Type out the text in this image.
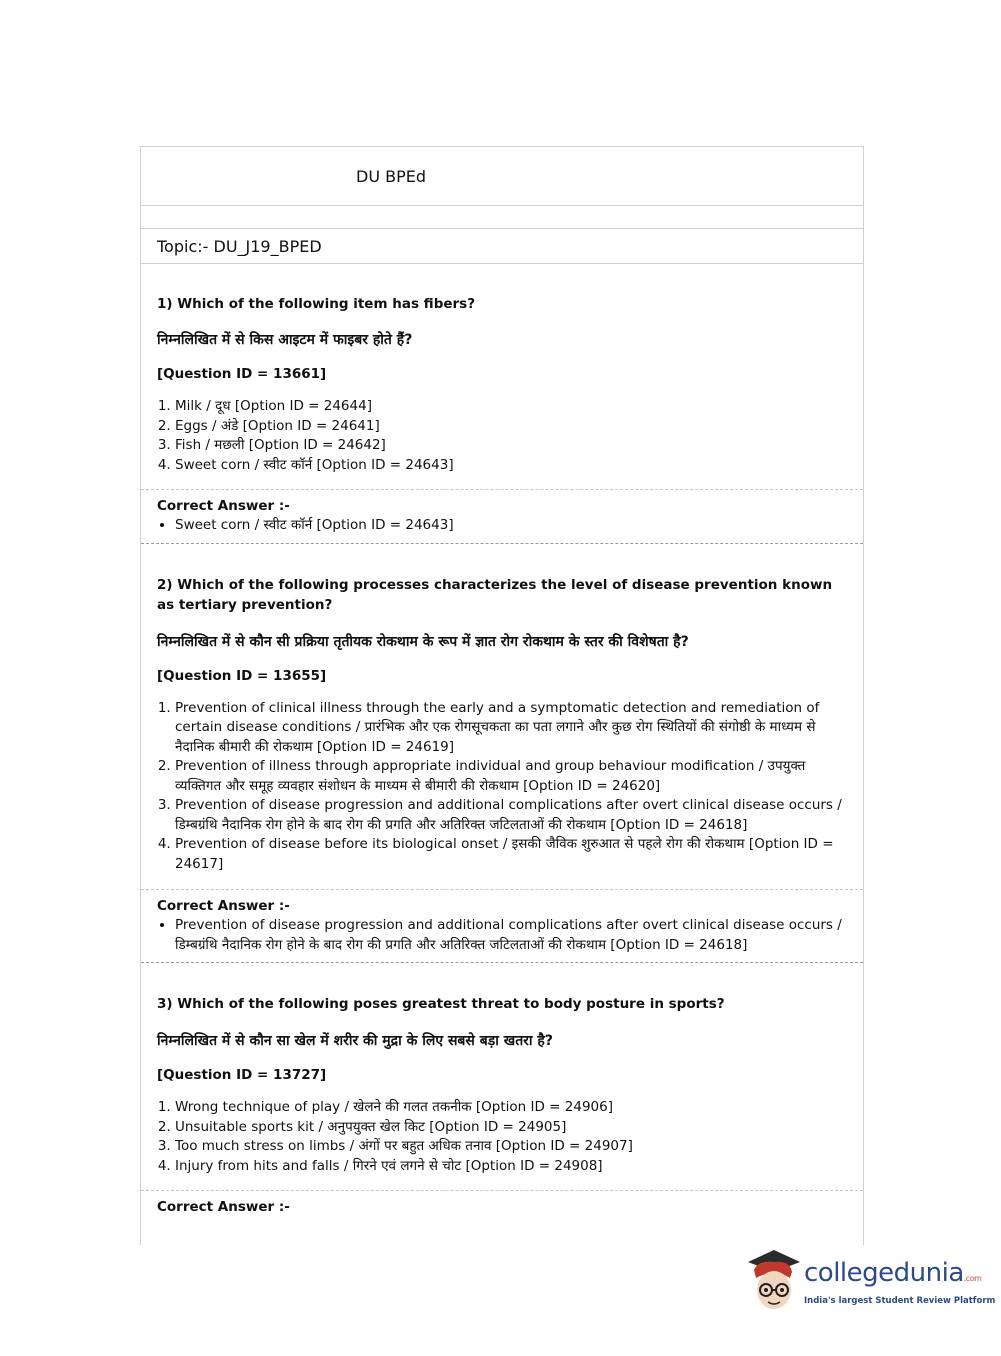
DU BPEd
Topic:- DU_J19_BPED

1) Which of the following item has fibers?

निम्नलिखित में से किस आइटम में फाइबर होते हैं?

[Question ID = 13661]

1. Milk / दूध [Option ID = 24644]
2. Eggs / अंडे [Option ID = 24641]
3. Fish / मछली [Option ID = 24642]
4. Sweet corn / स्वीट कॉर्न [Option ID = 24643]

Correct Answer :-

• Sweet corn / स्वीट कॉर्न [Option ID = 24643]

2) Which of the following processes characterizes the level of disease prevention known as tertiary prevention?

निम्नलिखित में से कौन सी प्रक्रिया तृतीयक रोकथाम के रूप में ज्ञात रोग रोकथाम के स्तर की विशेषता है?

[Question ID = 13655]

1. Prevention of clinical illness through the early and a symptomatic detection and remediation of certain disease conditions / प्रारंभिक और एक रोगसूचकता का पता लगाने और कुछ रोग स्थितियों की संगोष्ठी के माध्यम से नैदानिक बीमारी की रोकथाम [Option ID = 24619]
2. Prevention of illness through appropriate individual and group behaviour modification / उपयुक्त व्यक्तिगत और समूह व्यवहार संशोधन के माध्यम से बीमारी की रोकथाम [Option ID = 24620]
3. Prevention of disease progression and additional complications after overt clinical disease occurs / डिम्बग्रंथि नैदानिक रोग होने के बाद रोग की प्रगति और अतिरिक्त जटिलताओं की रोकथाम [Option ID = 24618]
4. Prevention of disease before its biological onset / इसकी जैविक शुरुआत से पहले रोग की रोकथाम [Option ID = 24617]

Correct Answer :-

• Prevention of disease progression and additional complications after overt clinical disease occurs / डिम्बग्रंथि नैदानिक रोग होने के बाद रोग की प्रगति और अतिरिक्त जटिलताओं की रोकथाम [Option ID = 24618]

3) Which of the following poses greatest threat to body posture in sports?

निम्नलिखित में से कौन सा खेल में शरीर की मुद्रा के लिए सबसे बड़ा खतरा है?

[Question ID = 13727]

1. Wrong technique of play / खेलने की गलत तकनीक [Option ID = 24906]
2. Unsuitable sports kit / अनुपयुक्त खेल किट [Option ID = 24905]
3. Too much stress on limbs / अंगों पर बहुत अधिक तनाव [Option ID = 24907]
4. Injury from hits and falls / गिरने एवं लगने से चोट [Option ID = 24908]

Correct Answer :-

collegedunia.com
India's largest Student Review Platform
